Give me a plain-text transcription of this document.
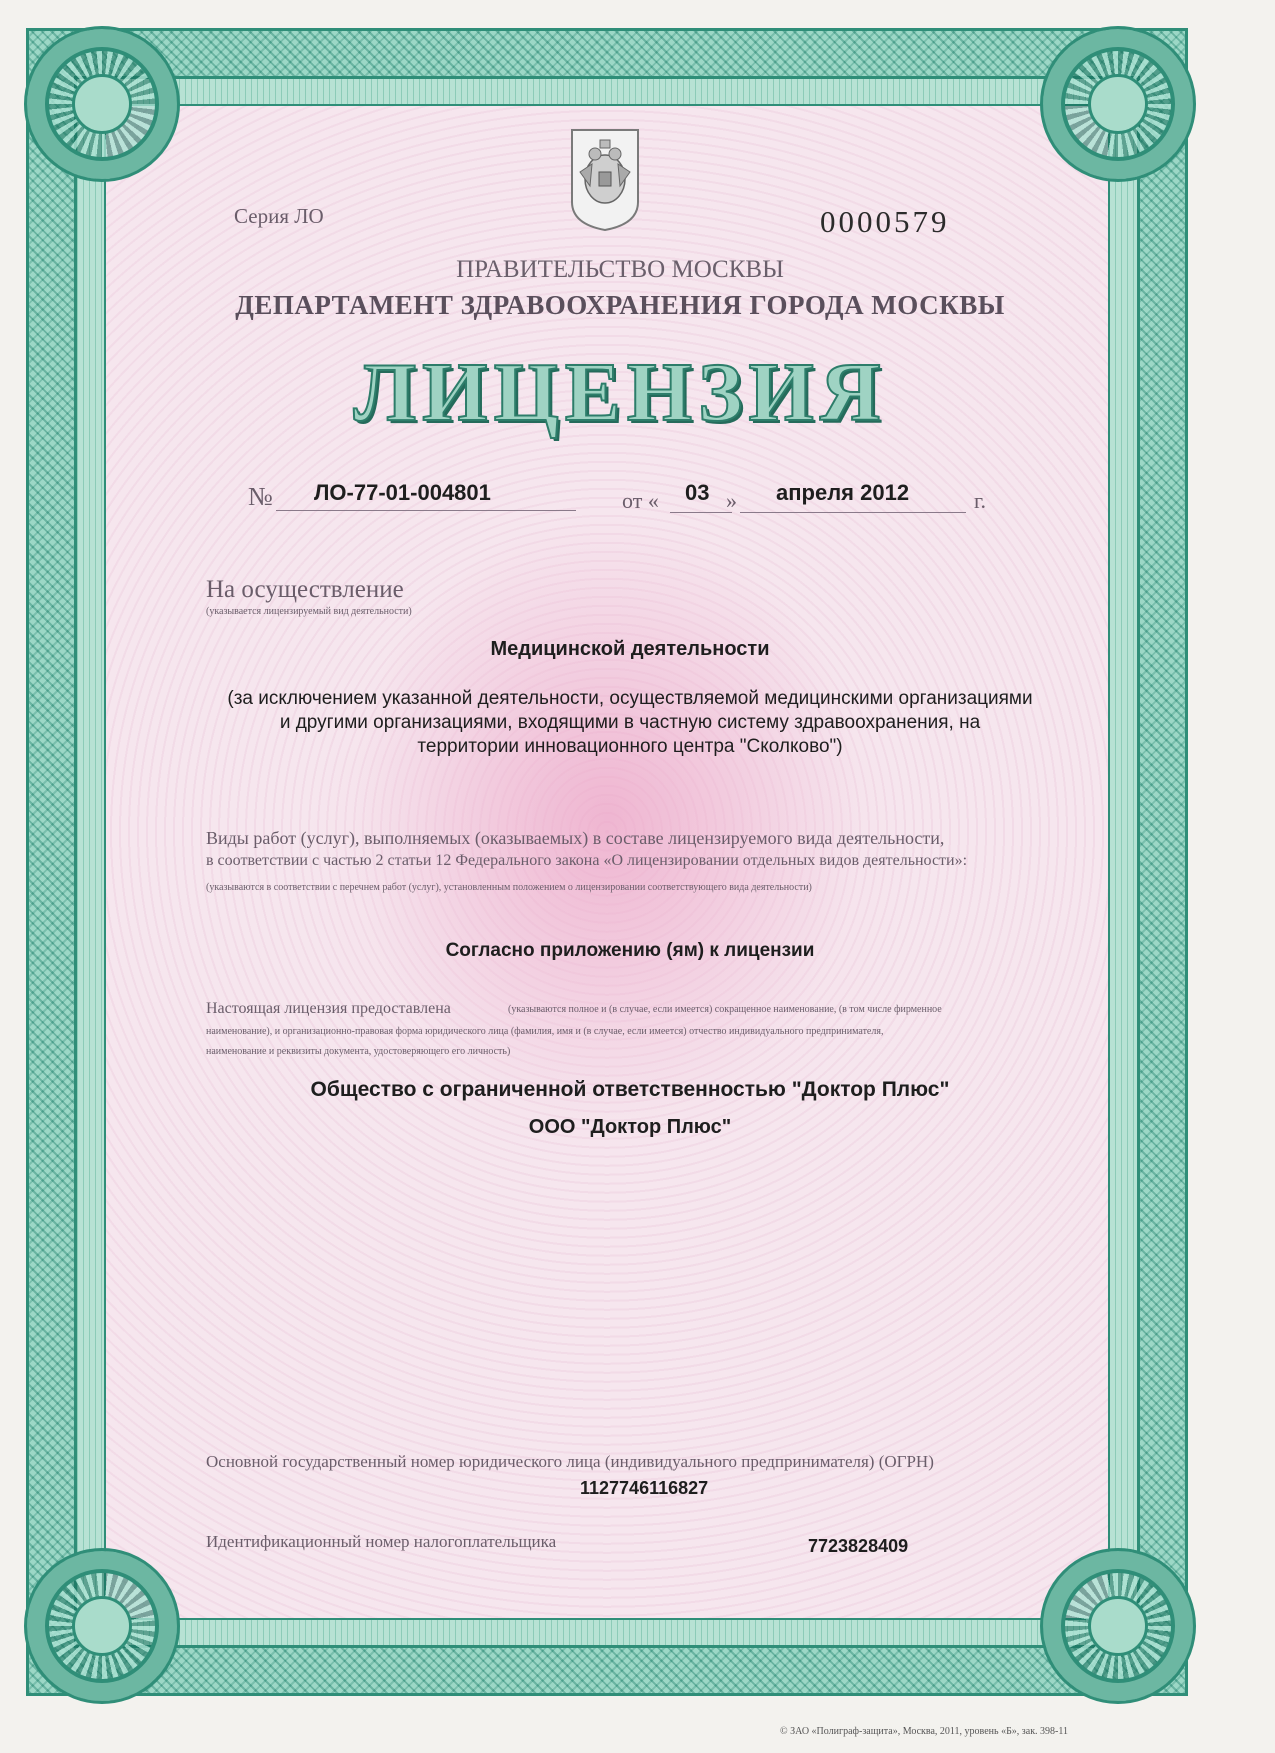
Серия ЛО	0000579
ПРАВИТЕЛЬСТВО МОСКВЫ
ДЕПАРТАМЕНТ ЗДРАВООХРАНЕНИЯ ГОРОДА МОСКВЫ
ЛИЦЕНЗИЯ
№ ЛО-77-01-004801	от « 03 » апреля 2012	г.
На осуществление
(указывается лицензируемый вид деятельности)
Медицинской деятельности
(за исключением указанной деятельности, осуществляемой медицинскими организациями
и другими организациями, входящими в частную систему здравоохранения, на
территории инновационного центра "Сколково")
Виды работ (услуг), выполняемых (оказываемых) в составе лицензируемого вида деятельности,
в соответствии с частью 2 статьи 12 Федерального закона «О лицензировании отдельных видов деятельности»:
(указываются в соответствии с перечнем работ (услуг), установленным положением о лицензировании соответствующего вида деятельности)
Согласно приложению (ям) к лицензии
Настоящая лицензия предоставлена	(указываются полное и (в случае, если имеется) сокращенное наименование, (в том числе фирменное
наименование), и организационно-правовая форма юридического лица (фамилия, имя и (в случае, если имеется) отчество индивидуального предпринимателя,
наименование и реквизиты документа, удостоверяющего его личность)
Общество с ограниченной ответственностью "Доктор Плюс"
ООО "Доктор Плюс"
Основной государственный номер юридического лица (индивидуального предпринимателя) (ОГРН)
1127746116827
Идентификационный номер налогоплательщика	7723828409
© ЗАО «Полиграф-защита», Москва, 2011, уровень «Б», зак. 398-11
